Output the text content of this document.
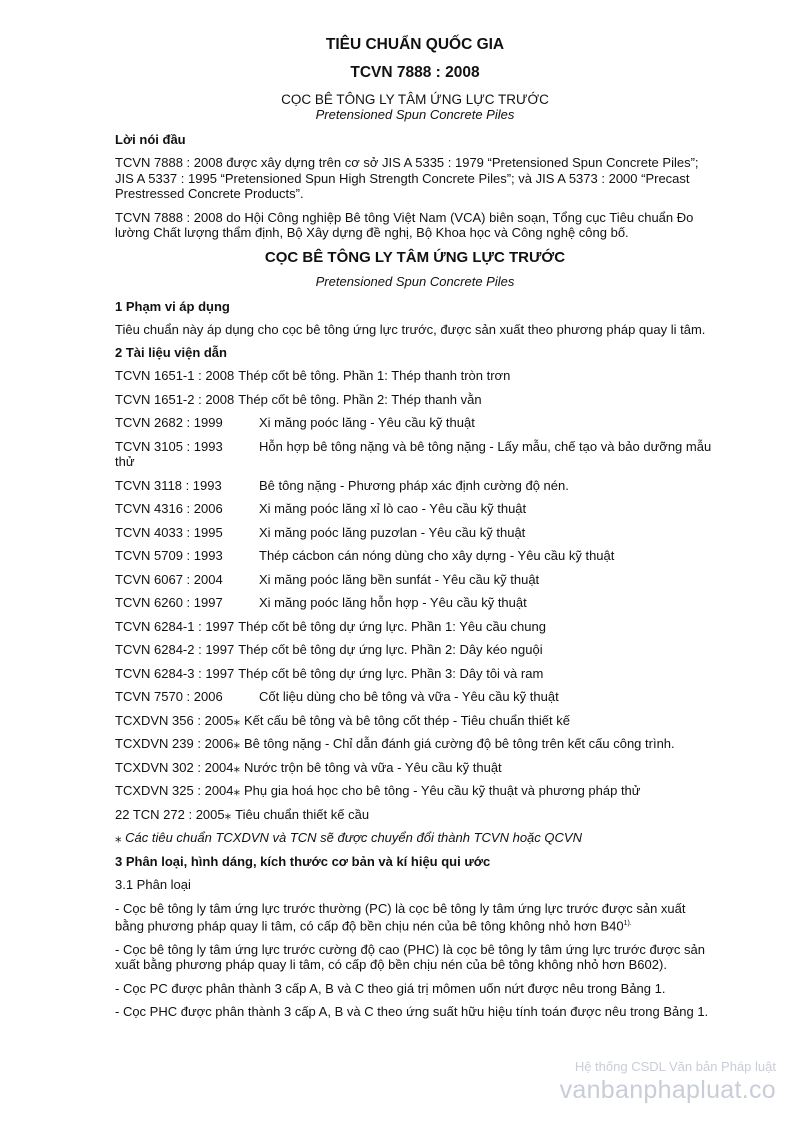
TIÊU CHUẨN QUỐC GIA
TCVN 7888 : 2008
CỌC BÊ TÔNG LY TÂM ỨNG LỰC TRƯỚC
Pretensioned Spun Concrete Piles
Lời nói đầu

TCVN 7888 : 2008 được xây dựng trên cơ sở JIS A 5335 : 1979 “Pretensioned Spun Concrete Piles”; JIS A 5337 : 1995 “Pretensioned Spun High Strength Concrete Piles”; và JIS A 5373 : 2000 “Precast Prestressed Concrete Products”.

TCVN 7888 : 2008 do Hội Công nghiệp Bê tông Việt Nam (VCA) biên soạn, Tổng cục Tiêu chuẩn Đo lường Chất lượng thẩm định, Bộ Xây dựng đề nghị, Bộ Khoa học và Công nghệ công bố.

CỌC BÊ TÔNG LY TÂM ỨNG LỰC TRƯỚC
Pretensioned Spun Concrete Piles
1 Phạm vi áp dụng

Tiêu chuẩn này áp dụng cho cọc bê tông ứng lực trước, được sản xuất theo phương pháp quay li tâm.

2 Tài liệu viện dẫn
TCVN 1651-1 : 2008 Thép cốt bê tông. Phần 1: Thép thanh tròn trơn
TCVN 1651-2 : 2008 Thép cốt bê tông. Phần 2: Thép thanh vằn
TCVN 2682 : 1999	Xi măng poóc lăng - Yêu cầu kỹ thuật
TCVN 3105 : 1993	Hỗn hợp bê tông nặng và bê tông nặng - Lấy mẫu, chế tạo và bảo dưỡng mẫu thử
TCVN 3118 : 1993	Bê tông nặng - Phương pháp xác định cường độ nén.
TCVN 4316 : 2006	Xi măng poóc lăng xỉ lò cao - Yêu cầu kỹ thuật
TCVN 4033 : 1995	Xi măng poóc lăng puzơlan - Yêu cầu kỹ thuật
TCVN 5709 : 1993	Thép cácbon cán nóng dùng cho xây dựng - Yêu cầu kỹ thuật
TCVN 6067 : 2004	Xi măng poóc lăng bền sunfát - Yêu cầu kỹ thuật
TCVN 6260 : 1997	Xi măng poóc lăng hỗn hợp - Yêu cầu kỹ thuật
TCVN 6284-1 : 1997 Thép cốt bê tông dự ứng lực. Phần 1: Yêu cầu chung
TCVN 6284-2 : 1997 Thép cốt bê tông dự ứng lực. Phần 2: Dây kéo nguội
TCVN 6284-3 : 1997 Thép cốt bê tông dự ứng lực. Phần 3: Dây tôi và ram
TCVN 7570 : 2006	Cốt liệu dùng cho bê tông và vữa - Yêu cầu kỹ thuật
TCXDVN 356 : 2005⁎ Kết cấu bê tông và bê tông cốt thép - Tiêu chuẩn thiết kế
TCXDVN 239 : 2006⁎ Bê tông nặng - Chỉ dẫn đánh giá cường độ bê tông trên kết cấu công trình.
TCXDVN 302 : 2004⁎ Nước trộn bê tông và vữa - Yêu cầu kỹ thuật
TCXDVN 325 : 2004⁎ Phụ gia hoá học cho bê tông - Yêu cầu kỹ thuật và phương pháp thử
22 TCN 272 : 2005⁎ Tiêu chuẩn thiết kế cầu
⁎ Các tiêu chuẩn TCXDVN và TCN sẽ được chuyển đổi thành TCVN hoặc QCVN
3 Phân loại, hình dáng, kích thước cơ bản và kí hiệu qui ước

3.1 Phân loại

- Cọc bê tông ly tâm ứng lực trước thường (PC) là cọc bê tông ly tâm ứng lực trước được sản xuất bằng phương pháp quay li tâm, có cấp độ bền chịu nén của bê tông không nhỏ hơn $B40^{1).}$

- Cọc bê tông ly tâm ứng lực trước cường độ cao (PHC) là cọc bê tông ly tâm ứng lực trước được sản xuất bằng phương pháp quay li tâm, có cấp độ bền chịu nén của bê tông không nhỏ hơn B602).

- Cọc PC được phân thành 3 cấp A, B và C theo giá trị mômen uốn nứt được nêu trong Bảng 1.

- Cọc PHC được phân thành 3 cấp A, B và C theo ứng suất hữu hiệu tính toán được nêu trong Bảng 1.

Hệ thống CSDL Văn bản Pháp luật
vanbanphapluat.co
